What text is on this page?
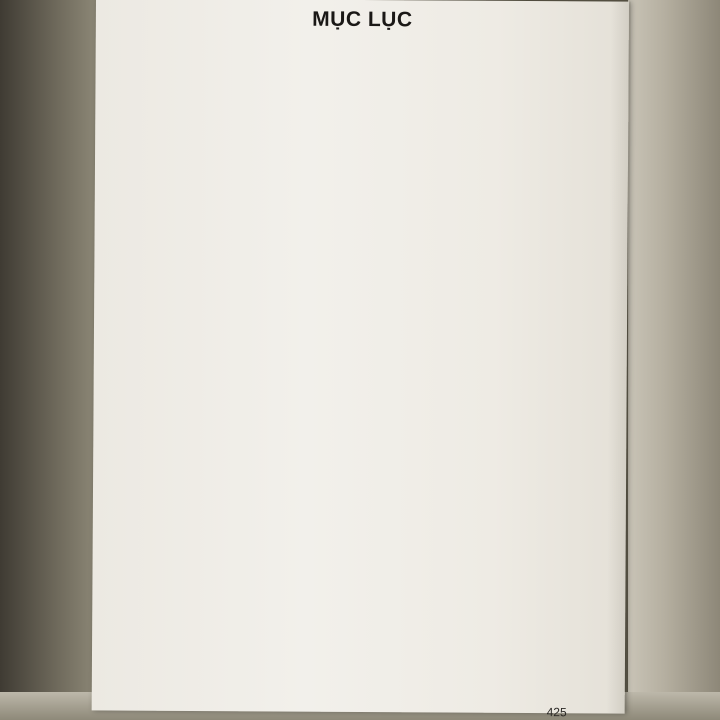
MỤC LỤC
425
